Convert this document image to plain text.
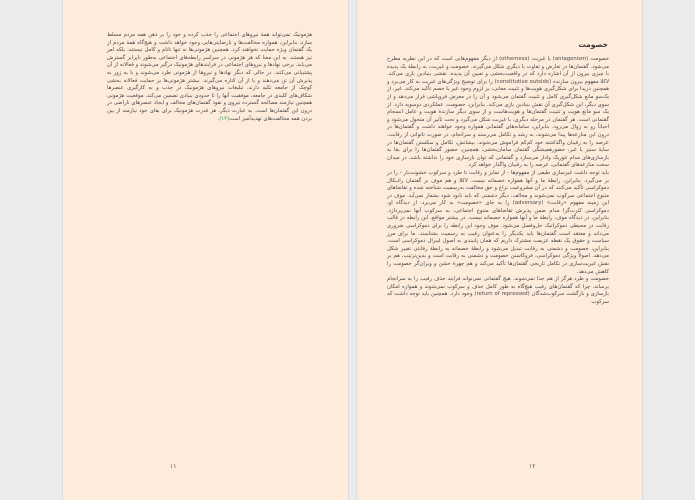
هژمونیک نمی‌تواند همهٔ نیروهای اجتماعی را جذب کرده و خود را بر ذهن همه مردم مسلط سازد، بنابراین، همواره مخالفت‌ها و نارضایتی‌هایی وجود خواهد داشت و هیچ‌گاه همهٔ مردم از یک گفتمان ویژه حمایت نخواهند کرد. همچنین هژمونی‌ها نه تنها ناتام و کامل نیستند، بلکه امر نیز هستند. به این معنا که هر هژمونی در سراسر رابطه‌های اجتماعی به‌طور ناپرابر گسترش می‌یابد. برخی نهادها و نیروهای اجتماعی در فرایندهای هژمونیک درگیر می‌شوند و فعالانه از آن پشتیبانی می‌کنند. در حالی که دیگر نهادها و نیروها از هژمونی طرد می‌شوند و با به زور به پذیرش آن تن می‌دهند و یا از آن کناره می‌گیرند. بیشتر هژمونی‌ها بر حمایت فعالانه بخشی کوچک از جامعه تکیه دارند. تبلیغات نیروهای هژمونیک در جذب و به کارگیری عنصرها شکاف‌های کلیدی در جامعه، موفقیت آنها را تا حدودی بنیادی تضمین می‌کند. موقعیت هژمونی همچنین نیازمند مصالحه گسترده نیروی و نفوذ گفتمان‌های مخالف و ایجاد عنصرهای ناراضی در درون این گفتمان‌ها است. به عبارت دیگر، هر قدرت هژمونیک برای بقای خود نیازمند از بین بردن همه مخالفت‌های تهدیدآمیز است(۱۲).

۱۱
خصومت

خصومت (antagonism) با غیریت (otherness) از دیگر مفهوم‌هایی است که در این نظریه مطرح می‌شود. گفتمان‌ها در تعارض و تفاوت با دیگری شکل می‌گیرند. خصومت و غیریت، به رابطهٔ یک پدیده با چیزی بیرون از آن اشاره دارد که در واقعیت‌بخشی و تعیین آن پدیده، نقشی بنیادین بازی می‌کند. لاکلا مفهوم بیرون سازنده (constitutive outside) را برای توضیح ویژگی‌های غیریت به کار می‌برد و همچنین دریدا برای شکل‌گیری هویت‌ها و تثبیت معانی، بر لزوم وجود غیر یا خصم تأکید می‌کند. غیر، از یک‌سو مانع شکل‌گیری کامل و تثبیت گفتمان می‌شود و آن را در معرض فروپاشی قرار می‌دهد و از سوی دیگر، این شکل‌گیری آن نقش بنیادین بازی می‌کند. بنابراین، خصومت، عملکردی دوسویه دارد. از یک سو مانع هویت و تثبیت گفتمان‌ها و هویت‌هاست و از سوی دیگر سازندهٔ هویت و عامل انسجام گفتمانی است. هر گفتمان در مرحله دیگری، با غیریت شکل می‌گیرد و تحت تأثیر آن متحول می‌شود و احیاناً رو به زوال می‌رود. بنابراین، سامانه‌های گفتمانی همواره وجود خواهند داشت و گفتمان‌ها در درون این منازعه‌ها پیدا می‌شوند، به رشد و تکامل می‌رسند و سرانجام، در صورت ناتوانی از رقابت، عرصه را به رقیبان واگذاشته خود کم‌کم فراموش می‌شوند. بیشانش، تکامل و سکستن گفتمان‌ها در سایهٔ ستیز با غیر، حضورهمیشگی گفتمان سامان‌بخشی، همچنین، حضور گفتمان‌ها را برای بقا به بازسازی‌های مدام تئوریک وادار می‌سازد و گفتمانی که توان بازسازی خود را نداشته باشد، در میدان سخت منازعه‌های گفتمانی، عرصه را به رقیبان واگذار خواهد کرد.

باید توجه داشت غیرسازی طیفی از مفهوم‌ها - از تمایز و رقابت تا طرد و سرکوب خشونت‌بار - را در بر می‌گیرد. بنابراین، رابطهٔ ما و آنها همواره خصمانه نیست. لاکلا و هم موف بر گفتمان رادیکال دموکراسی تأکید می‌کنند که در آن مشروعیت نزاع و حق مخالفت به‌رسمیت شناخته شده و تقاضاهای متنوع اجتماعی سرکوب نمی‌شوند و مخالف، دیگر دشمنی که باید نابود شود بشمار نمی‌آید. موف در این زمینه مفهوم «رقابت» (adversary) را به جای «خصومت» به کار می‌برد. از دیدگاه او، دموکراسی کثرت‌گرا مدام ضمن پذیرش تقاضاهای متنوع اجتماعی، به سرکوب آنها نمی‌پردازد. بنابراین، در دیدگاه موف، رابطهٔ ما و آنها همواره خصمانه نیست. در بیشتر مواقع، این رابطه در قالب رقابت در محیطی دموکراتیک حل‌وفصل می‌شود. موف وجود این رابطه را برای دموکراسی ضروری می‌داند و معتقد است گفتمان‌ها باید یکدیگر را به‌عنوان رقیب به رسمیت بشناسند. ما برای مرز سیاست و حقوق یک نقطه عزیمت مشترک داریم که همان پایبندی به اصول لیبرال دموکراسی است. بنابراین، خصومت و دشمنی به رقابت تبدیل می‌شود و رابطهٔ خصمانه به رابطهٔ رقابتی تغییر شکل می‌دهد. اصولاً ویژگی دموکراسی، فروکاستن خصومت و دشمنی به رقابت است و بدین‌ترتیب، هم بر نقش غیریت‌سازی در تکامل تاریخی گفتمان‌ها تأکید می‌کند و هم چهرهٔ خشن و ویران‌گر خصومت را کاهش می‌دهد.

خصومت و طرد هرگز از هم جدا نمی‌شوند. هیچ گفتمانی نمی‌تواند فرایند حذف رقیب را به سرانجام برساند. چرا که گفتمان‌های رقیب هیچ‌گاه به طور کامل حذف و سرکوب نمی‌شوند و همواره امکان بازسازی و بازگشت سرکوب‌شدگان (return of repressed) وجود دارد. همچنین باید توجه داشت که سرکوب

۱۲
